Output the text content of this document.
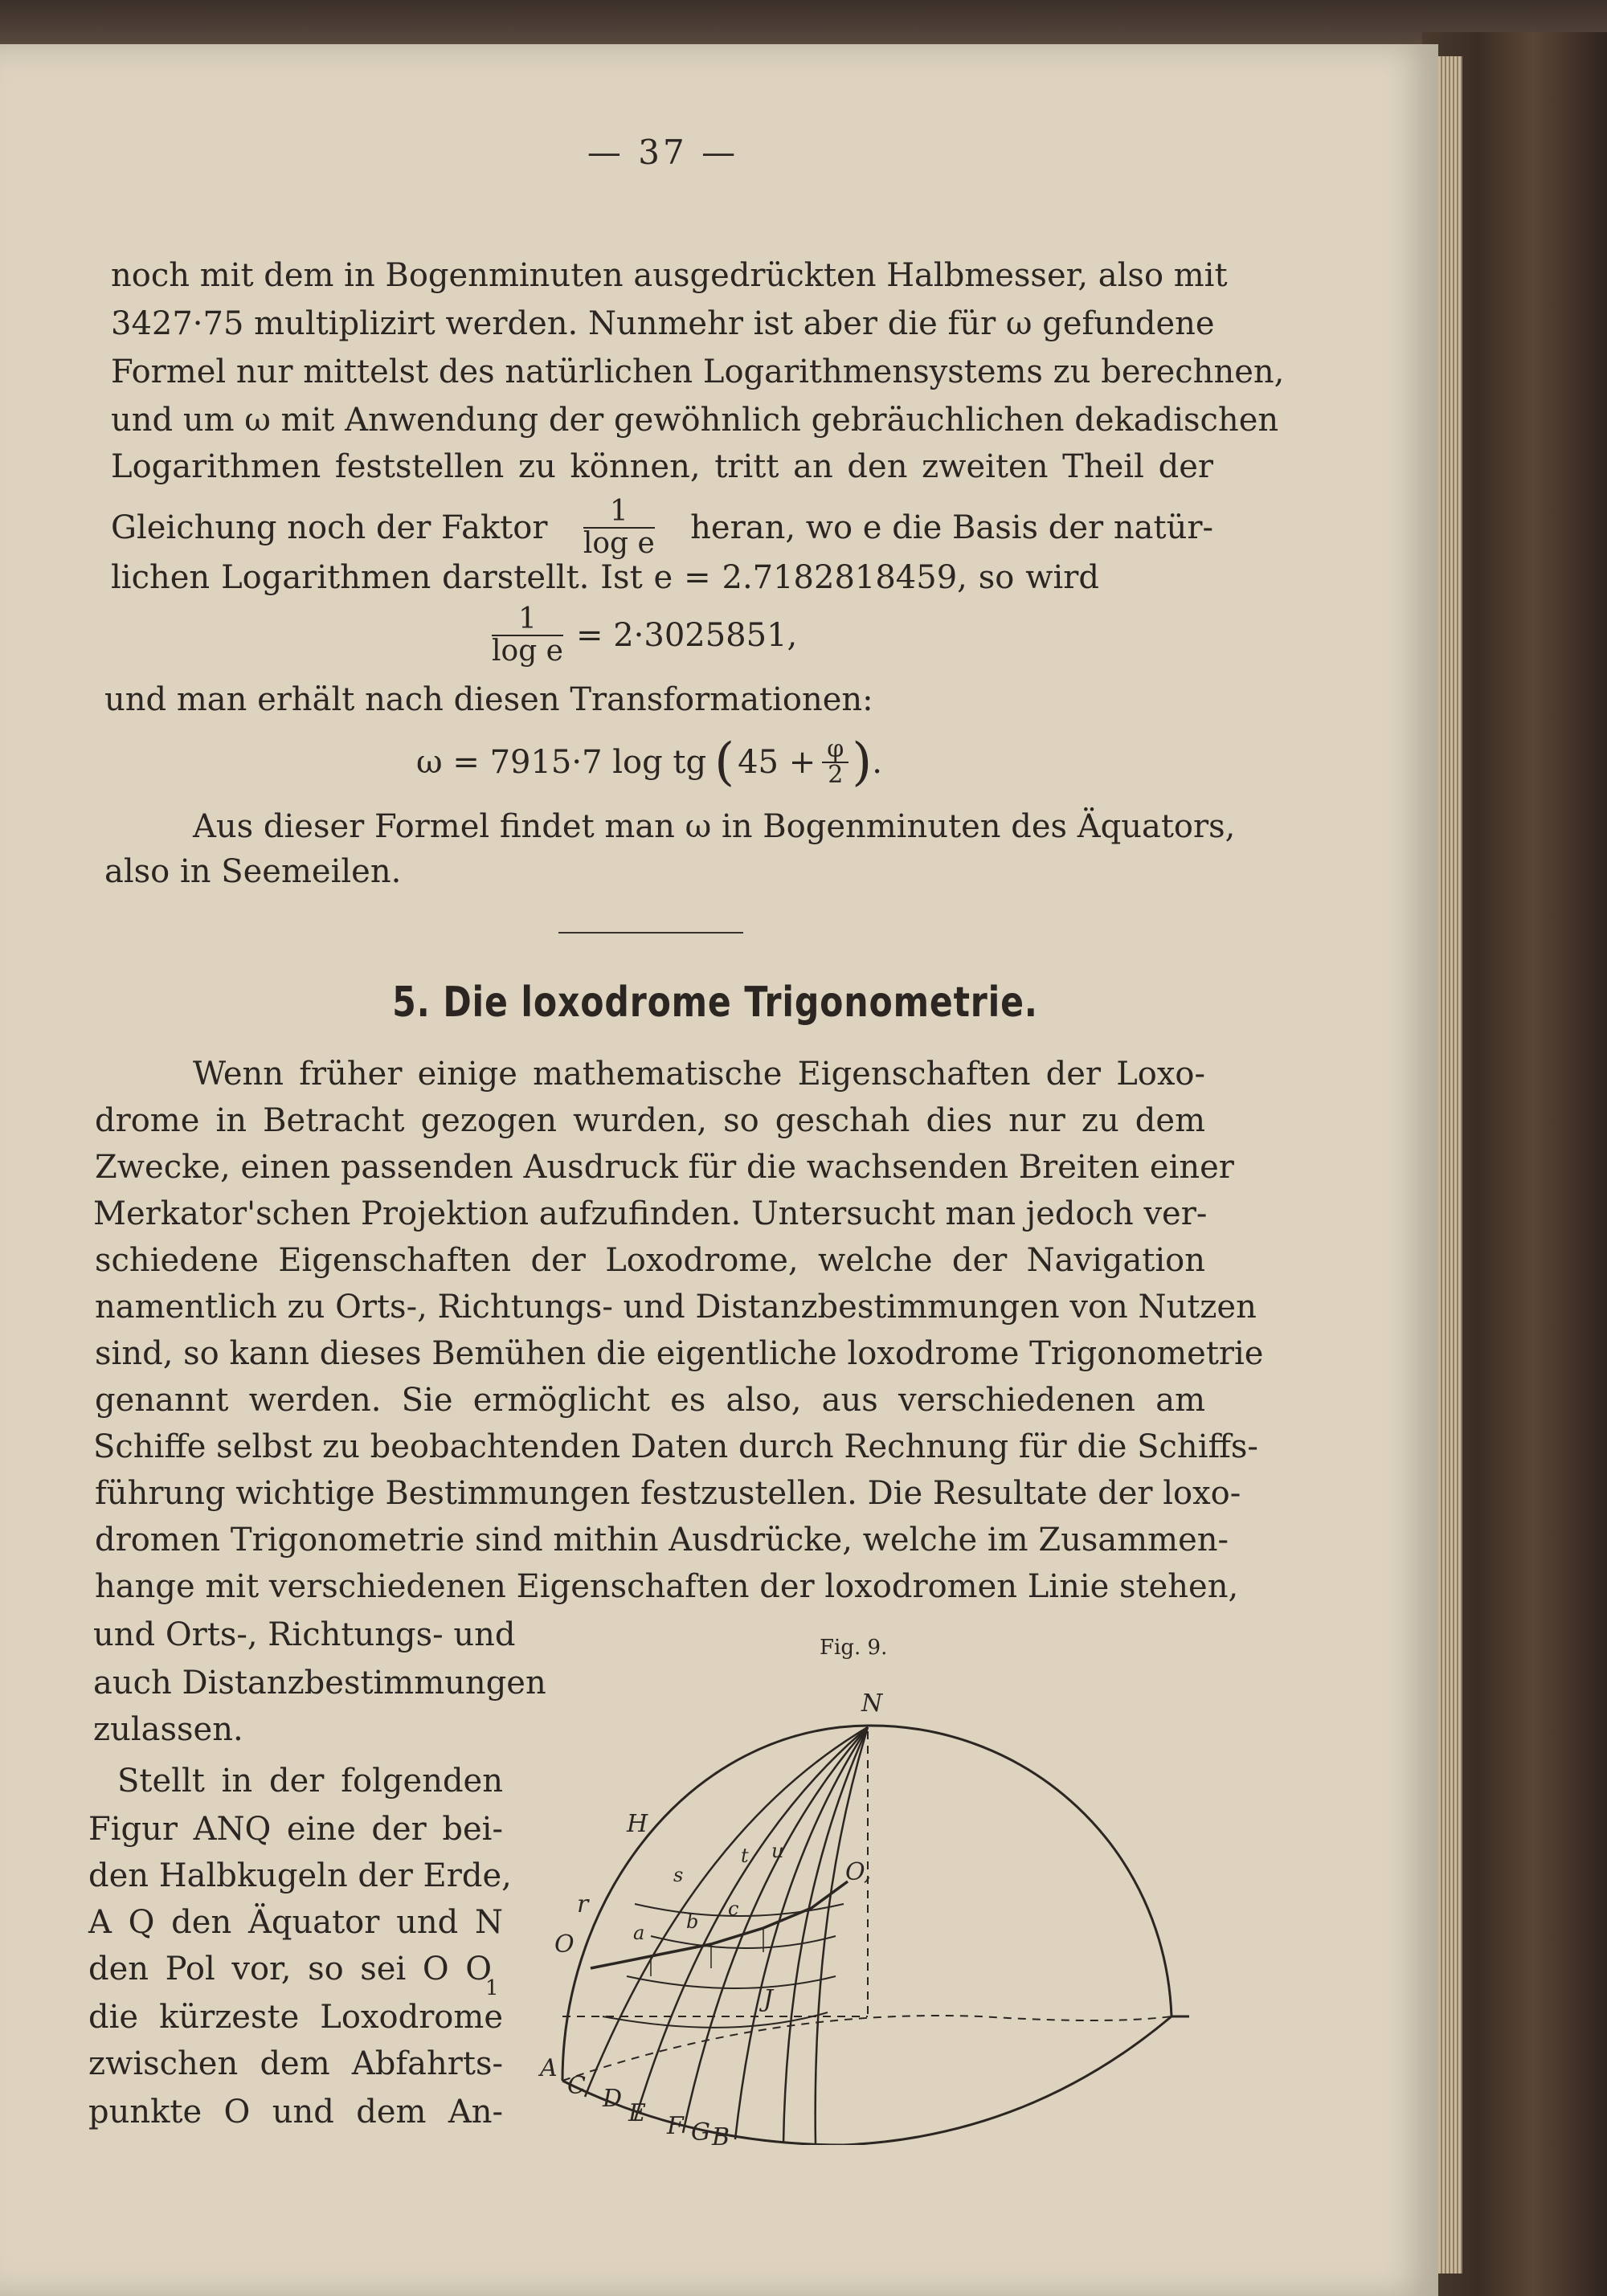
— 37 —
noch mit dem in Bogenminuten ausgedrückten Halbmesser, also mit
3427·75 multiplizirt werden. Nunmehr ist aber die für ω gefundene
Formel nur mittelst des natürlichen Logarithmensystems zu berechnen,
und um ω mit Anwendung der gewöhnlich gebräuchlichen dekadischen
Logarithmen feststellen zu können, tritt an den zweiten Theil der
Gleichung noch der Faktor $\frac{1}{\text{log e}}$ heran, wo e die Basis der natür-
lichen Logarithmen darstellt. Ist e = 2.7182818459, so wird
$\frac{1}{\text{log e}} = 2\cdot 3025851$,
und man erhält nach diesen Transformationen:
ω = 7915·7 log tg ( $45 + \frac{\varphi}{2}$ ) .
Aus dieser Formel findet man ω in Bogenminuten des Äquators,
also in Seemeilen.
5. Die loxodrome Trigonometrie.
Wenn früher einige mathematische Eigenschaften der Loxo-
drome in Betracht gezogen wurden, so geschah dies nur zu dem
Zwecke, einen passenden Ausdruck für die wachsenden Breiten einer
Merkator'schen Projektion aufzufinden. Untersucht man jedoch ver-
schiedene Eigenschaften der Loxodrome, welche der Navigation
namentlich zu Orts-, Richtungs- und Distanzbestimmungen von Nutzen
sind, so kann dieses Bemühen die eigentliche loxodrome Trigonometrie
genannt werden. Sie ermöglicht es also, aus verschiedenen am
Schiffe selbst zu beobachtenden Daten durch Rechnung für die Schiffs-
führung wichtige Bestimmungen festzustellen. Die Resultate der loxo-
dromen Trigonometrie sind mithin Ausdrücke, welche im Zusammen-
hange mit verschiedenen Eigenschaften der loxodromen Linie stehen,
und Orts-, Richtungs- und
auch Distanzbestimmungen
zulassen.
Stellt in der folgenden
Figur ANQ eine der bei-
den Halbkugeln der Erde,
A Q den Äquator und N
den Pol vor, so sei O O
1
die kürzeste Loxodrome
zwischen dem Abfahrts-
punkte O und dem An-
Fig. 9.
N
H
O,
r
O
s
t u
a b
c
J
A
C D
E F G B
